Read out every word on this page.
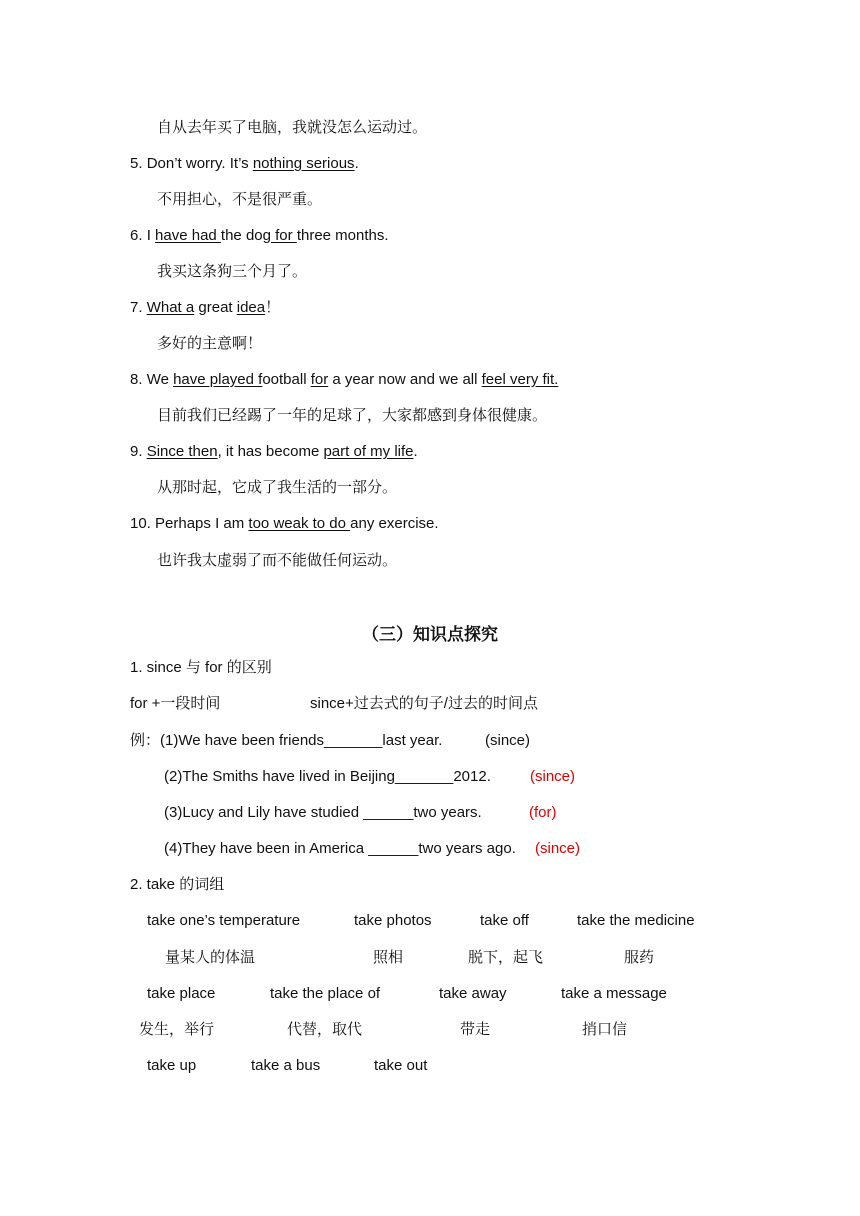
自从去年买了电脑，我就没怎么运动过。
5. Don’t worry. It’s nothing serious.
不用担心，不是很严重。
6. I have had the dog for three months.
我买这条狗三个月了。
7. What a great idea！
多好的主意啊！
8. We have played football for a year now and we all feel very fit.
目前我们已经踢了一年的足球了，大家都感到身体很健康。
9. Since then, it has become part of my life.
从那时起，它成了我生活的一部分。
10. Perhaps I am too weak to do any exercise.
也许我太虚弱了而不能做任何运动。
（三）知识点探究
1. since 与 for 的区别
for +一段时间	since+过去式的句子/过去的时间点
例：(1)We have been friends_______last year.	(since)
(2)The Smiths have lived in Beijing_______2012.	(since)
(3)Lucy and Lily have studied ______two years.	(for)
(4)They have been in America ______two years ago. (since)
2. take 的词组
take one’s temperature	take photos	take off	take the medicine
量某人的体温	照相	脱下，起飞	服药
take place	take the place of	take away	take a message
发生，举行	代替，取代	带走	捎口信
take up	take a bus	take out
